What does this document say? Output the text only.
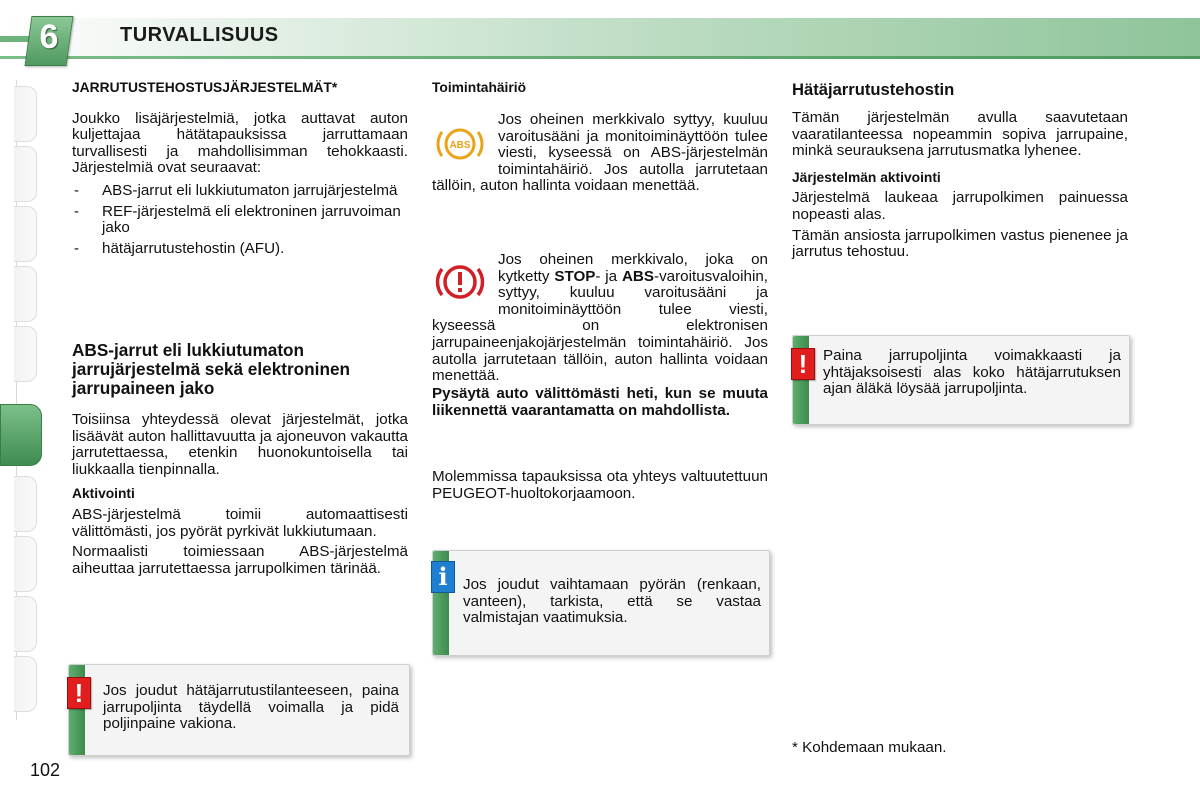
6	TURVALLISUUS

JARRUTUSTEHOSTUSJÄRJESTELMÄT*

Joukko lisäjärjestelmiä, jotka auttavat auton kuljettajaa hätätapauksissa jarruttamaan turvallisesti ja mahdollisimman tehokkaasti. Järjestelmiä ovat seuraavat:

- ABS-jarrut eli lukkiutumaton jarrujärjestelmä
- REF-järjestelmä eli elektroninen jarruvoiman jako
- hätäjarrutustehostin (AFU).

ABS-jarrut eli lukkiutumaton jarrujärjestelmä sekä elektroninen jarrupaineen jako

Toisiinsa yhteydessä olevat järjestelmät, jotka lisäävät auton hallittavuutta ja ajoneuvon vakautta jarrutettaessa, etenkin huonokuntoisella tai liukkaalla tienpinnalla.

Aktivointi

ABS-järjestelmä toimii automaattisesti välittömästi, jos pyörät pyrkivät lukkiutumaan.

Normaalisti toimiessaan ABS-järjestelmä aiheuttaa jarrutettaessa jarrupolkimen tärinää.

!	Jos joudut hätäjarrutustilanteeseen, paina jarrupoljinta täydellä voimalla ja pidä poljinpaine vakiona.

Toimintahäiriö

ABS
Jos oheinen merkkivalo syttyy, kuuluu varoitusääni ja monitoiminäyttöön tulee viesti, kyseessä on ABS-järjestelmän toimintahäiriö. Jos autolla jarrutetaan tällöin, auton hallinta voidaan menettää.
Jos oheinen merkkivalo, joka on kytketty STOP- ja ABS-varoitusvaloihin, syttyy, kuuluu varoitusääni ja monitoiminäyttöön tulee viesti, kyseessä on elektronisen jarrupaineenjakojärjestelmän toimintahäiriö. Jos autolla jarrutetaan tällöin, auton hallinta voidaan menettää.
Pysäytä auto välittömästi heti, kun se muuta liikennettä vaarantamatta on mahdollista.
Molemmissa tapauksissa ota yhteys valtuutettuun PEUGEOT-huoltokorjaamoon.
i	Jos joudut vaihtamaan pyörän (renkaan, vanteen), tarkista, että se vastaa valmistajan vaatimuksia.

Hätäjarrutustehostin

Tämän järjestelmän avulla saavutetaan vaaratilanteessa nopeammin sopiva jarrupaine, minkä seurauksena jarrutusmatka lyhenee.

Järjestelmän aktivointi

Järjestelmä laukeaa jarrupolkimen painuessa nopeasti alas.

Tämän ansiosta jarrupolkimen vastus pienenee ja jarrutus tehostuu.

!	Paina jarrupoljinta voimakkaasti ja yhtäjaksoisesti alas koko hätäjarrutuksen ajan äläkä löysää jarrupoljinta.
* Kohdemaan mukaan.
102
